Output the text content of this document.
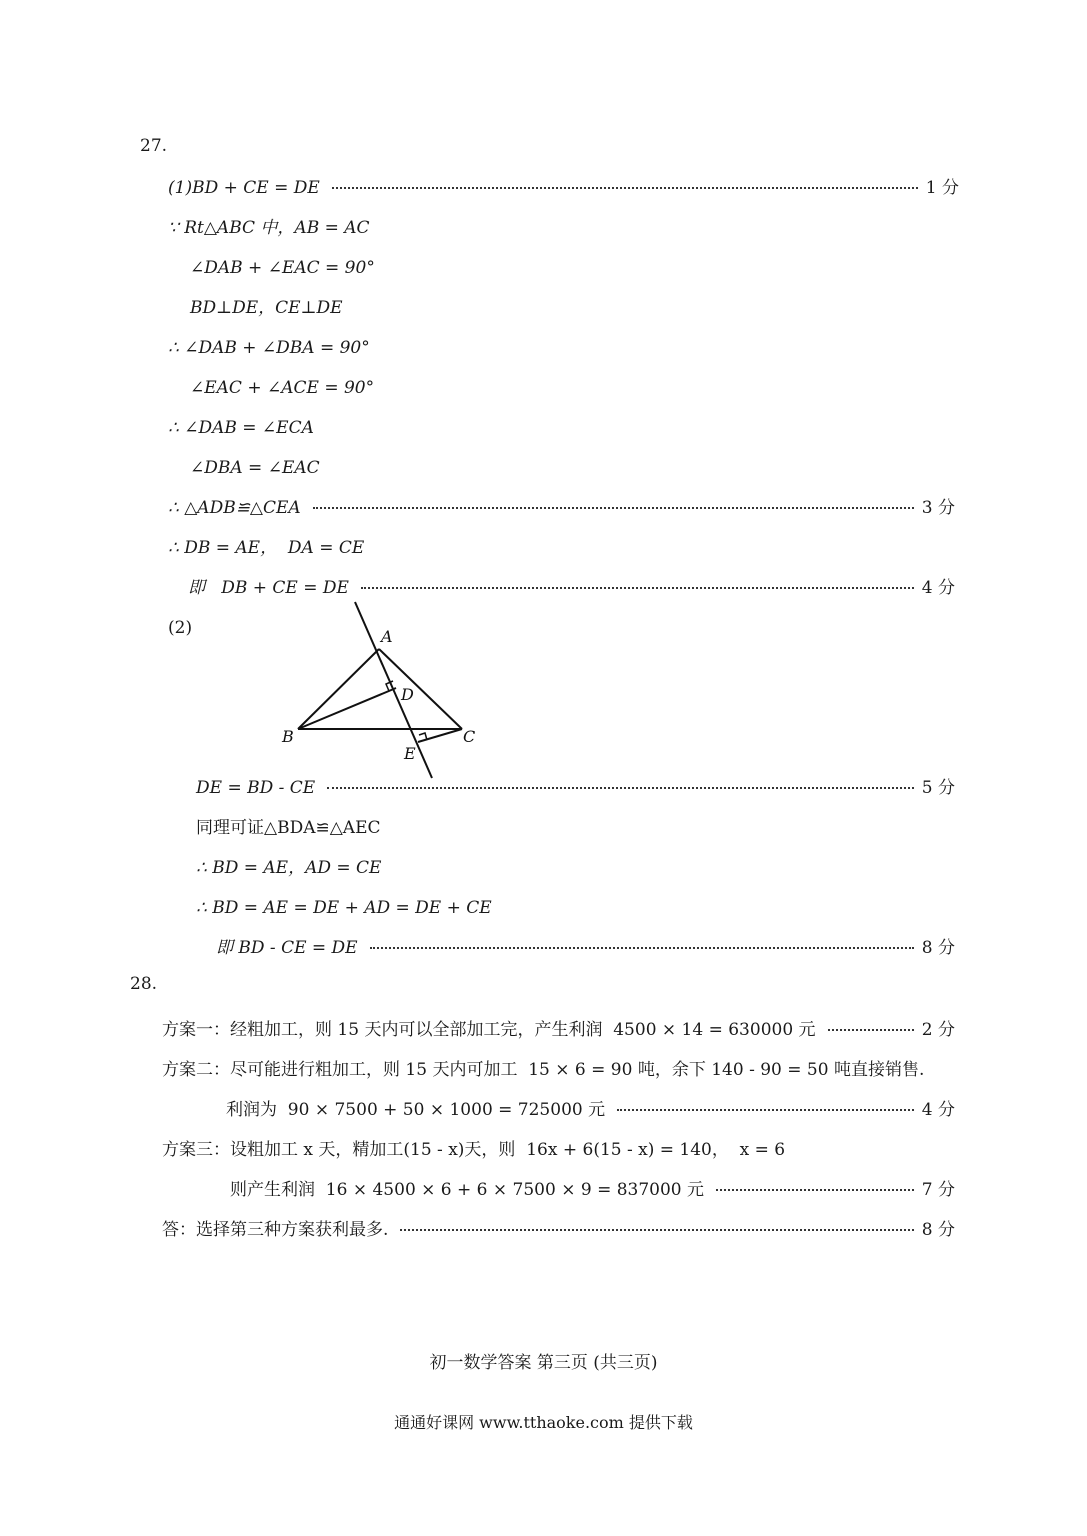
27.
(1)BD + CE = DE	1 分
∵ Rt△ABC 中，AB = AC
∠DAB + ∠EAC = 90°
BD⊥DE，CE⊥DE
∴ ∠DAB + ∠DBA = 90°
∠EAC + ∠ACE = 90°
∴ ∠DAB = ∠ECA
∠DBA = ∠EAC
∴ △ADB≌△CEA	3 分
∴ DB = AE，  DA = CE
即   DB + CE = DE	4 分
(2)	A
B	C
D
E
DE = BD - CE	5 分
同理可证△BDA≌△AEC
∴ BD = AE，AD = CE
∴ BD = AE = DE + AD = DE + CE
即 BD - CE = DE	8 分
28.
方案一：经粗加工，则 15 天内可以全部加工完，产生利润  4500 × 14 = 630000 元	2 分
方案二：尽可能进行粗加工，则 15 天内可加工  15 × 6 = 90 吨，余下 140 - 90 = 50 吨直接销售.
利润为  90 × 7500 + 50 × 1000 = 725000 元	4 分
方案三：设粗加工 x 天，精加工(15 - x)天，则  16x + 6(15 - x) = 140，  x = 6
则产生利润  16 × 4500 × 6 + 6 × 7500 × 9 = 837000 元	7 分
答：选择第三种方案获利最多.	8 分
初一数学答案 第三页 (共三页)
通通好课网 www.tthaoke.com 提供下载
